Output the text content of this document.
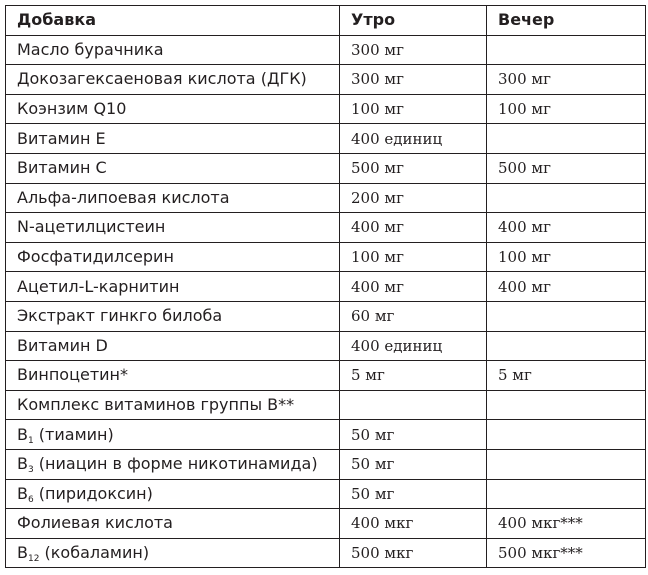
Добавка	Утро	Вечер
Масло бурачника	300 мг	
Докозагексаеновая кислота (ДГК)	300 мг	300 мг
Коэнзим Q10	100 мг	100 мг
Витамин E	400 единиц	
Витамин C	500 мг	500 мг
Альфа-липоевая кислота	200 мг	
N-ацетилцистеин	400 мг	400 мг
Фосфатидилсерин	100 мг	100 мг
Ацетил-L-карнитин	400 мг	400 мг
Экстракт гинкго билоба	60 мг	
Витамин D	400 единиц	
Винпоцетин*	5 мг	5 мг
Комплекс витаминов группы B**		
$B_1$ (тиамин)	50 мг	
$B_3$ (ниацин в форме никотинамида)	50 мг	
$B_6$ (пиридоксин)	50 мг	
Фолиевая кислота	400 мкг	400 мкг***
$B_{12}$ (кобаламин)	500 мкг	500 мкг***
